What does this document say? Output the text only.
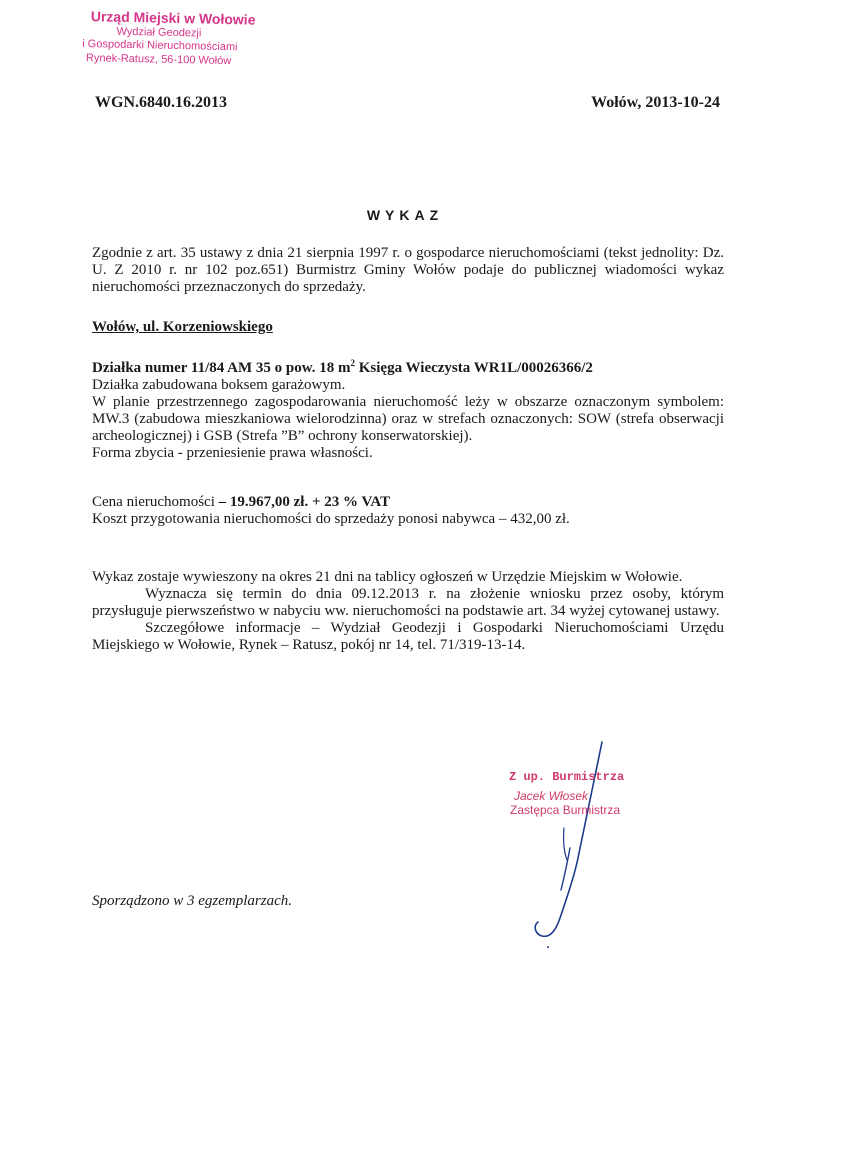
Urząd Miejski w Wołowie
Wydział Geodezji
i Gospodarki Nieruchomościami
Rynek-Ratusz, 56-100 Wołów
WGN.6840.16.2013	Wołów, 2013-10-24
WYKAZ
Zgodnie z art. 35 ustawy z dnia 21 sierpnia 1997 r. o gospodarce nieruchomościami (tekst jednolity: Dz. U. Z 2010 r. nr 102 poz.651) Burmistrz Gminy Wołów podaje do publicznej wiadomości wykaz nieruchomości przeznaczonych do sprzedaży.
Wołów, ul. Korzeniowskiego
Działka numer 11/84 AM 35 o pow. 18 $m^2$ Księga Wieczysta WR1L/00026366/2
Działka zabudowana boksem garażowym.
W planie przestrzennego zagospodarowania nieruchomość leży w obszarze oznaczonym symbolem: MW.3 (zabudowa mieszkaniowa wielorodzinna) oraz w strefach oznaczonych: SOW (strefa obserwacji archeologicznej) i GSB (Strefa ”B” ochrony konserwatorskiej).
Forma zbycia - przeniesienie prawa własności.
Cena nieruchomości – 19.967,00 zł. + 23 % VAT
Koszt przygotowania nieruchomości do sprzedaży ponosi nabywca – 432,00 zł.
Wykaz zostaje wywieszony na okres 21 dni na tablicy ogłoszeń w Urzędzie Miejskim w Wołowie.
Wyznacza się termin do dnia 09.12.2013 r. na złożenie wniosku przez osoby, którym przysługuje pierwszeństwo w nabyciu ww. nieruchomości na podstawie art. 34 wyżej cytowanej ustawy.
Szczegółowe informacje – Wydział Geodezji i Gospodarki Nieruchomościami Urzędu Miejskiego w Wołowie, Rynek – Ratusz, pokój nr 14, tel. 71/319-13-14.
Z up. Burmistrza
Jacek Włosek
Zastępca Burmistrza
Sporządzono w 3 egzemplarzach.
